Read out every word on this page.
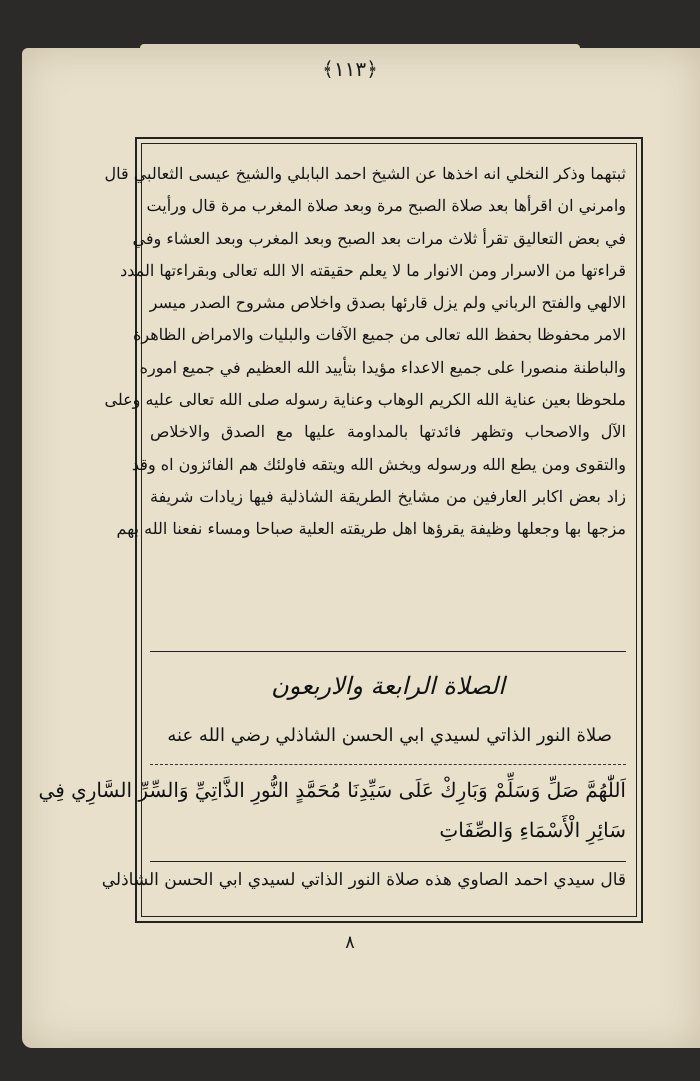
﴿١١٣﴾
ثبتهما وذكر النخلي انه اخذها عن الشيخ احمد البابلي والشيخ عيسى الثعالبي قال
وامرني ان اقرأها بعد صلاة الصبح مرة وبعد صلاة المغرب مرة قال ورأيت
في بعض التعاليق تقرأ ثلاث مرات بعد الصبح وبعد المغرب وبعد العشاء وفي
قراءتها من الاسرار ومن الانوار ما لا يعلم حقيقته الا الله تعالى وبقراءتها المدد
الالهي والفتح الرباني ولم يزل قارئها بصدق واخلاص مشروح الصدر ميسر
الامر محفوظا بحفظ الله تعالى من جميع الآفات والبليات والامراض الظاهرة
والباطنة منصورا على جميع الاعداء مؤيدا بتأييد الله العظيم في جميع اموره
ملحوظا بعين عناية الله الكريم الوهاب وعناية رسوله صلى الله تعالى عليه وعلى
الآل والاصحاب وتظهر فائدتها بالمداومة عليها مع الصدق والاخلاص
والتقوى ومن يطع الله ورسوله ويخش الله ويتقه فاولئك هم الفائزون اه وقد
زاد بعض اكابر العارفين من مشايخ الطريقة الشاذلية فيها زيادات شريفة
مزجها بها وجعلها وظيفة يقرؤها اهل طريقته العلية صباحا ومساء نفعنا الله بهم
الصلاة الرابعة والاربعون
صلاة النور الذاتي لسيدي ابي الحسن الشاذلي رضي الله عنه
اَللّٰهُمَّ صَلِّ وَسَلِّمْ وَبَارِكْ عَلَى سَيِّدِنَا مُحَمَّدٍ النُّورِ الذَّاتِيِّ وَالسِّرِّ السَّارِي فِي
سَائِرِ الْأَسْمَاءِ وَالصِّفَاتِ
قال سيدي احمد الصاوي هذه صلاة النور الذاتي لسيدي ابي الحسن الشاذلي
٨
